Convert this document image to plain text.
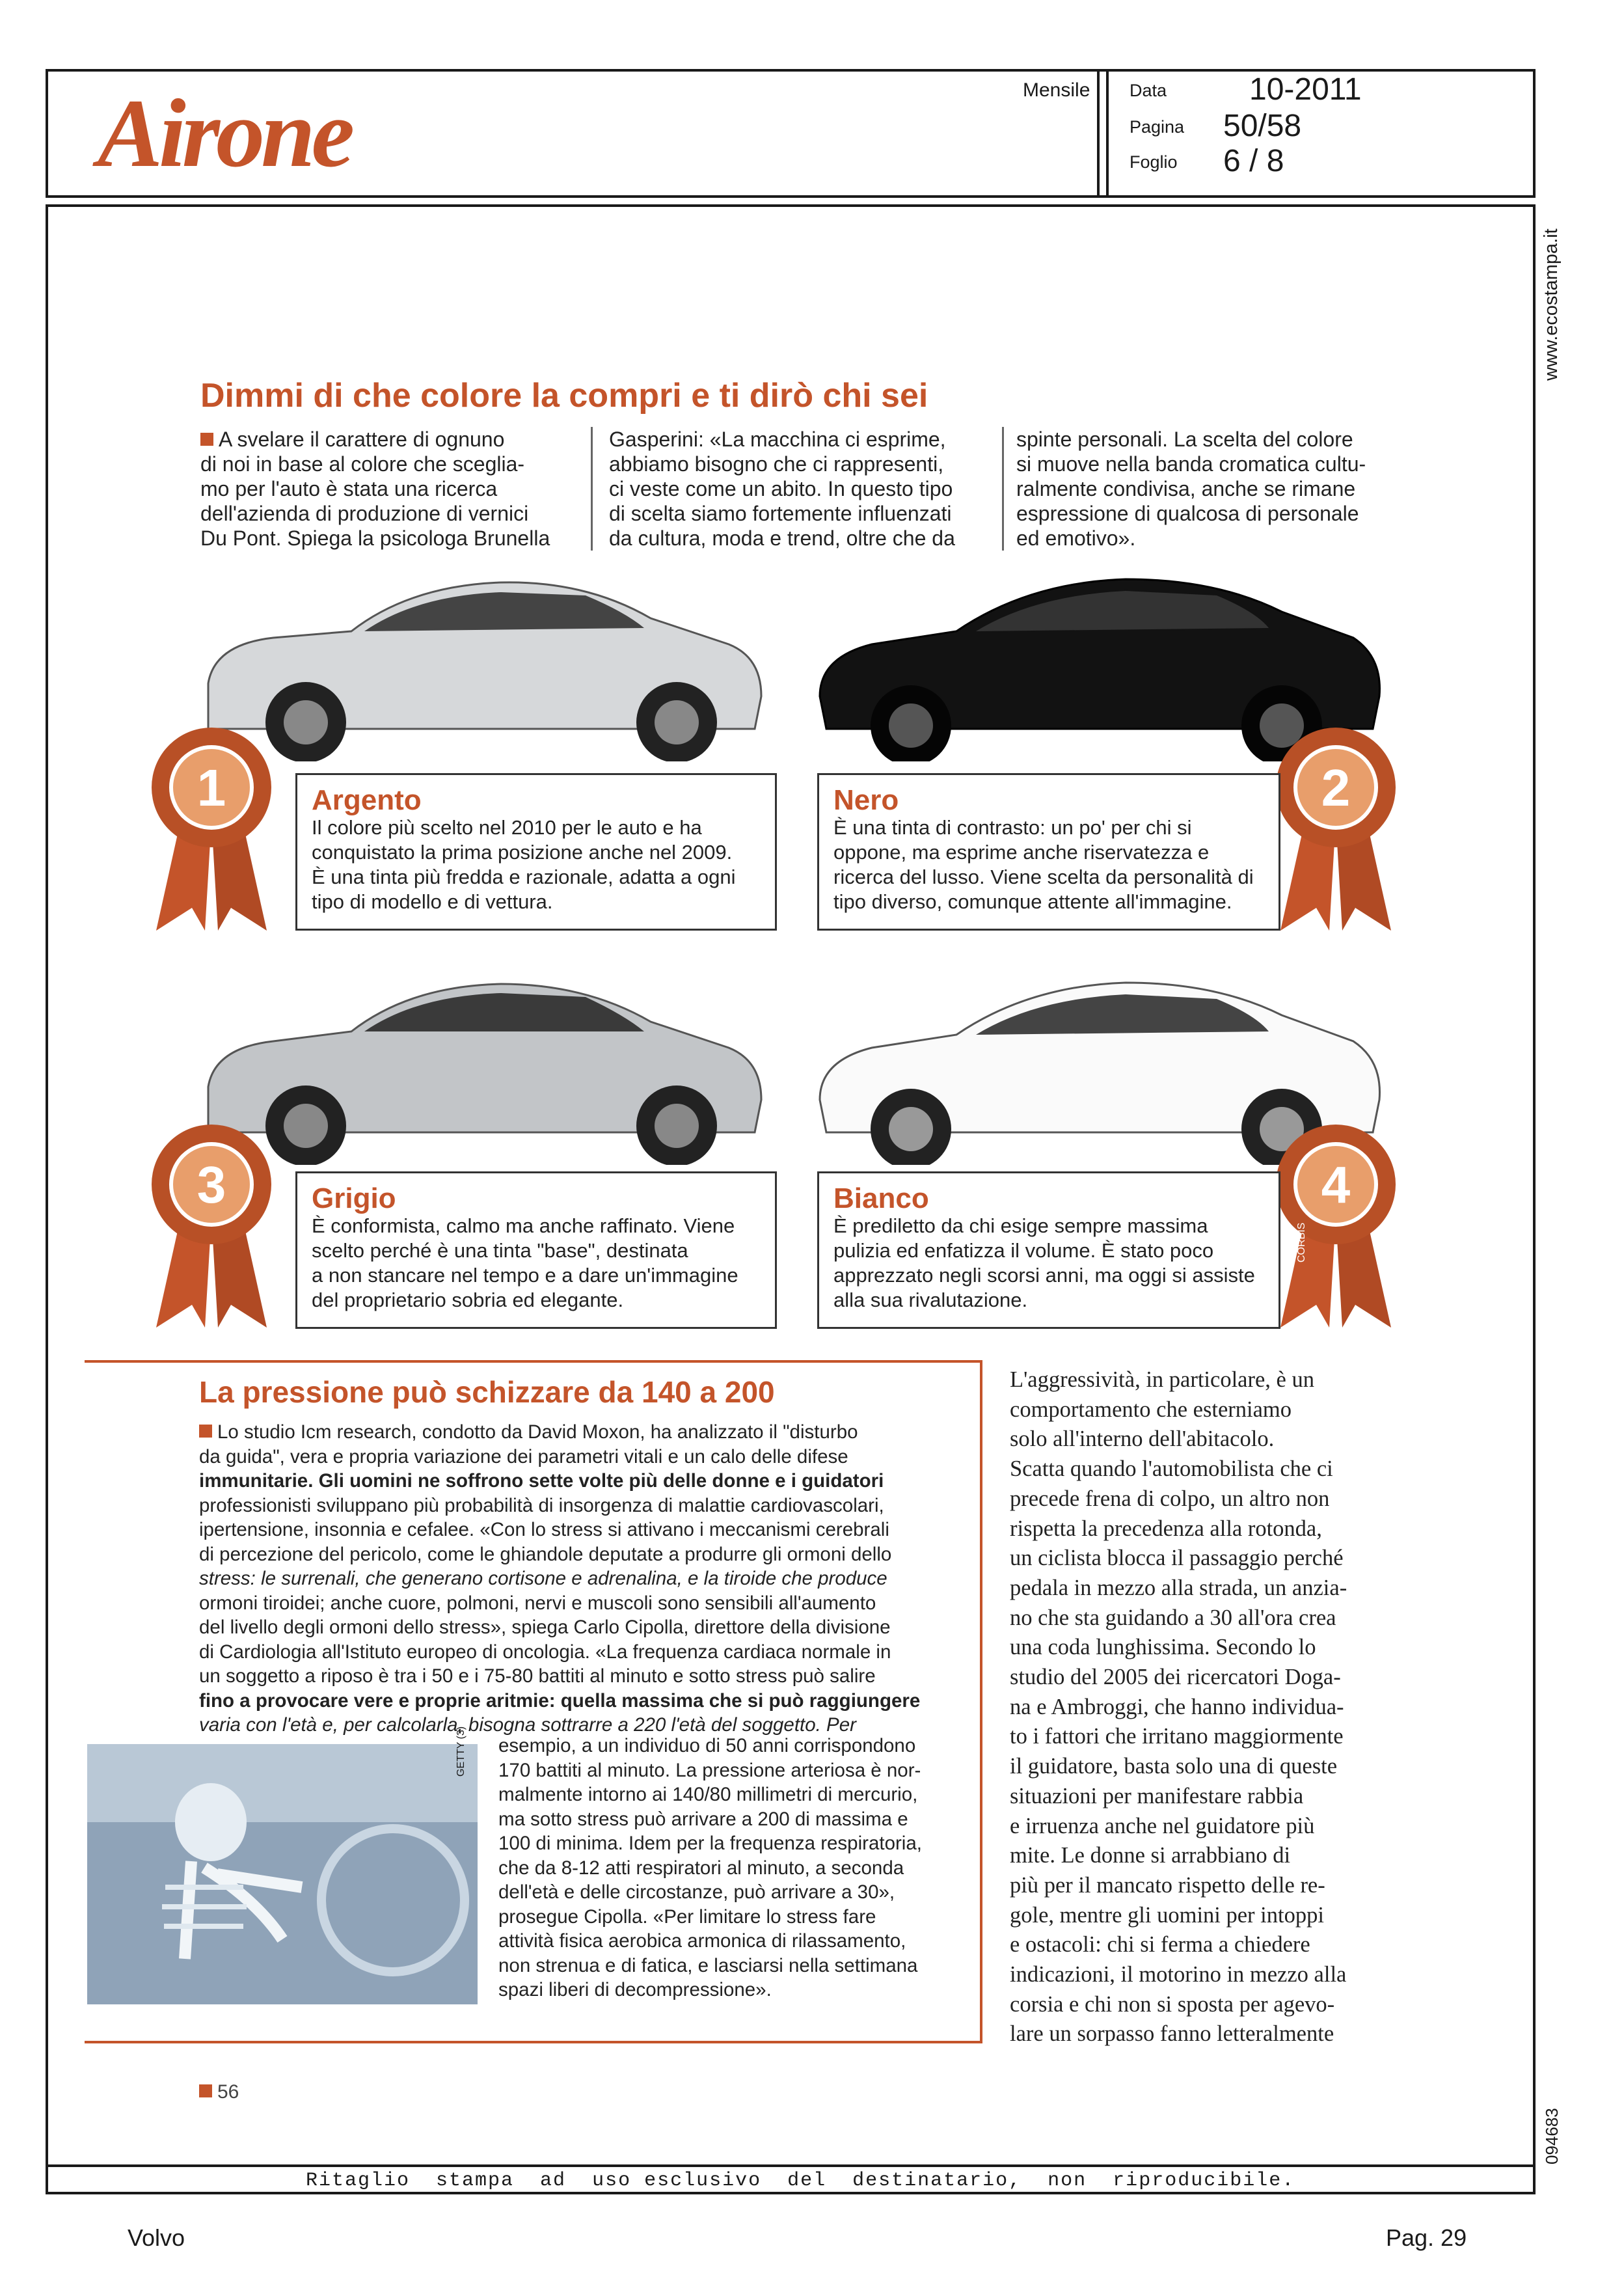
Airone	Mensile Data	10-2011
Pagina 50/58
Foglio 6 / 8
www.ecostampa.it
Dimmi di che colore la compri e ti dirò chi sei
A svelare il carattere di ognuno
di noi in base al colore che sceglia-
mo per l'auto è stata una ricerca
dell'azienda di produzione di vernici
Du Pont. Spiega la psicologa Brunella
Gasperini: «La macchina ci esprime,
abbiamo bisogno che ci rappresenti,
ci veste come un abito. In questo tipo
di scelta siamo fortemente influenzati
da cultura, moda e trend, oltre che da
spinte personali. La scelta del colore
si muove nella banda cromatica cultu-
ralmente condivisa, anche se rimane
espressione di qualcosa di personale
ed emotivo».
1	2
3	4
Argento
Il colore più scelto nel 2010 per le auto e ha
conquistato la prima posizione anche nel 2009.
È una tinta più fredda e razionale, adatta a ogni
tipo di modello e di vettura.
Nero
È una tinta di contrasto: un po' per chi si
oppone, ma esprime anche riservatezza e
ricerca del lusso. Viene scelta da personalità di
tipo diverso, comunque attente all'immagine.
Grigio
È conformista, calmo ma anche raffinato. Viene
scelto perché è una tinta "base", destinata
a non stancare nel tempo e a dare un'immagine
del proprietario sobria ed elegante.
Bianco
È prediletto da chi esige sempre massima
pulizia ed enfatizza il volume. È stato poco
apprezzato negli scorsi anni, ma oggi si assiste
alla sua rivalutazione.
CORBIS
La pressione può schizzare da 140 a 200
Lo studio Icm research, condotto da David Moxon, ha analizzato il "disturbo
da guida", vera e propria variazione dei parametri vitali e un calo delle difese
immunitarie. Gli uomini ne soffrono sette volte più delle donne e i guidatori
professionisti sviluppano più probabilità di insorgenza di malattie cardiovascolari,
ipertensione, insonnia e cefalee. «Con lo stress si attivano i meccanismi cerebrali
di percezione del pericolo, come le ghiandole deputate a produrre gli ormoni dello
stress: le surrenali, che generano cortisone e adrenalina, e la tiroide che produce
ormoni tiroidei; anche cuore, polmoni, nervi e muscoli sono sensibili all'aumento
del livello degli ormoni dello stress», spiega Carlo Cipolla, direttore della divisione
di Cardiologia all'Istituto europeo di oncologia. «La frequenza cardiaca normale in
un soggetto a riposo è tra i 50 e i 75-80 battiti al minuto e sotto stress può salire
fino a provocare vere e proprie aritmie: quella massima che si può raggiungere
varia con l'età e, per calcolarla, bisogna sottrarre a 220 l'età del soggetto. Per
GETTY (3) esempio, a un individuo di 50 anni corrispondono
170 battiti al minuto. La pressione arteriosa è nor-
malmente intorno ai 140/80 millimetri di mercurio,
ma sotto stress può arrivare a 200 di massima e
100 di minima. Idem per la frequenza respiratoria,
che da 8-12 atti respiratori al minuto, a seconda
dell'età e delle circostanze, può arrivare a 30»,
prosegue Cipolla. «Per limitare lo stress fare
attività fisica aerobica armonica di rilassamento,
non strenua e di fatica, e lasciarsi nella settimana
spazi liberi di decompressione».
L'aggressività, in particolare, è un
comportamento che esterniamo
solo all'interno dell'abitacolo.
Scatta quando l'automobilista che ci
precede frena di colpo, un altro non
rispetta la precedenza alla rotonda,
un ciclista blocca il passaggio perché
pedala in mezzo alla strada, un anzia-
no che sta guidando a 30 all'ora crea
una coda lunghissima. Secondo lo
studio del 2005 dei ricercatori Doga-
na e Ambroggi, che hanno individua-
to i fattori che irritano maggiormente
il guidatore, basta solo una di queste
situazioni per manifestare rabbia
e irruenza anche nel guidatore più
mite. Le donne si arrabbiano di
più per il mancato rispetto delle re-
gole, mentre gli uomini per intoppi
e ostacoli: chi si ferma a chiedere
indicazioni, il motorino in mezzo alla
corsia e chi non si sposta per agevo-
lare un sorpasso fanno letteralmente
56
Ritaglio  stampa  ad  uso esclusivo  del  destinatario,  non  riproducibile.
094683
Volvo	Pag. 29
